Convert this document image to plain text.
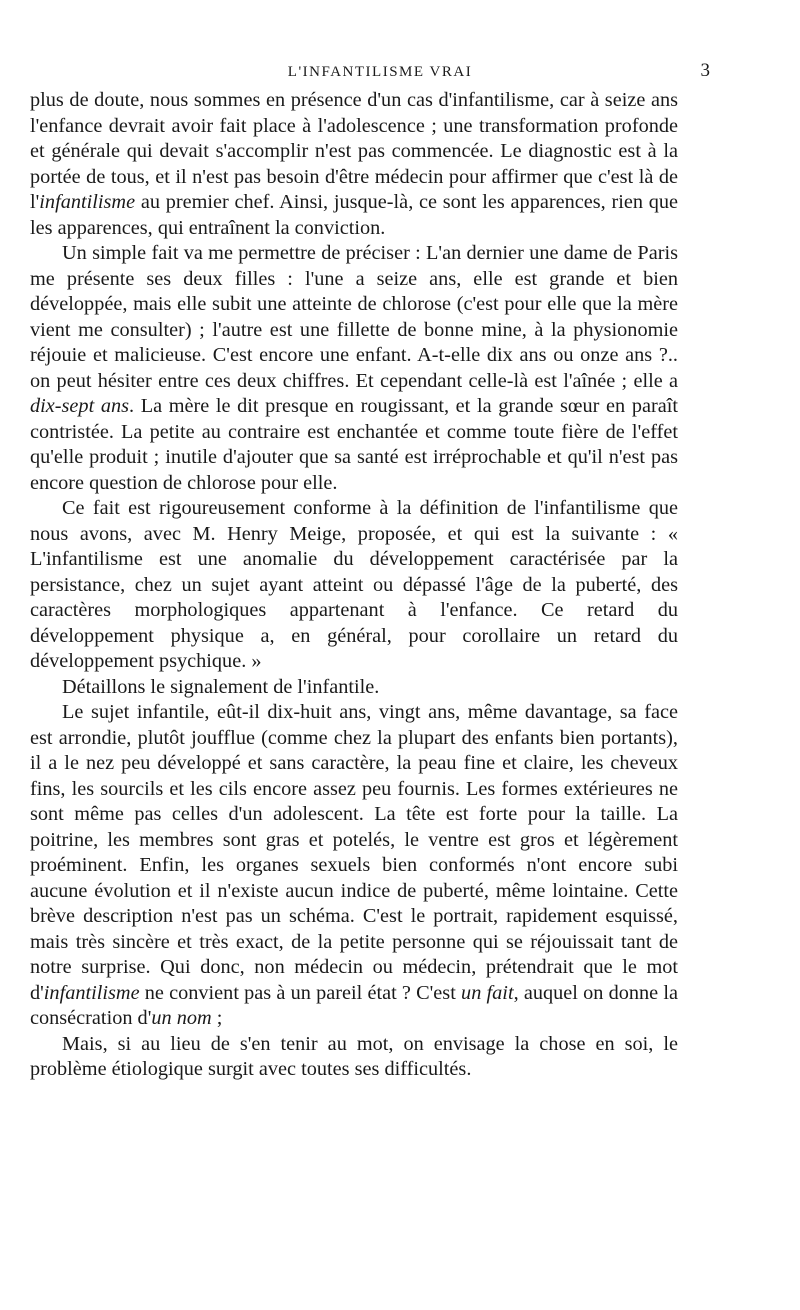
L'INFANTILISME VRAI	3

plus de doute, nous sommes en présence d'un cas d'infantilisme, car à seize ans l'enfance devrait avoir fait place à l'adolescence ; une transformation profonde et générale qui devait s'accomplir n'est pas commencée. Le diagnostic est à la portée de tous, et il n'est pas besoin d'être médecin pour affirmer que c'est là de l'infantilisme au premier chef. Ainsi, jusque-là, ce sont les apparences, rien que les apparences, qui entraînent la conviction.

Un simple fait va me permettre de préciser : L'an dernier une dame de Paris me présente ses deux filles : l'une a seize ans, elle est grande et bien développée, mais elle subit une atteinte de chlorose (c'est pour elle que la mère vient me consulter) ; l'autre est une fillette de bonne mine, à la physionomie réjouie et malicieuse. C'est encore une enfant. A-t-elle dix ans ou onze ans ?.. on peut hésiter entre ces deux chiffres. Et cependant celle-là est l'aînée ; elle a dix-sept ans. La mère le dit presque en rougissant, et la grande sœur en paraît contristée. La petite au contraire est enchantée et comme toute fière de l'effet qu'elle produit ; inutile d'ajouter que sa santé est irréprochable et qu'il n'est pas encore question de chlorose pour elle.

Ce fait est rigoureusement conforme à la définition de l'infantilisme que nous avons, avec M. Henry Meige, proposée, et qui est la suivante : « L'infantilisme est une anomalie du développement caractérisée par la persistance, chez un sujet ayant atteint ou dépassé l'âge de la puberté, des caractères morphologiques appartenant à l'enfance. Ce retard du développement physique a, en général, pour corollaire un retard du développement psychique. »

Détaillons le signalement de l'infantile.

Le sujet infantile, eût-il dix-huit ans, vingt ans, même davantage, sa face est arrondie, plutôt joufflue (comme chez la plupart des enfants bien portants), il a le nez peu développé et sans caractère, la peau fine et claire, les cheveux fins, les sourcils et les cils encore assez peu fournis. Les formes extérieures ne sont même pas celles d'un adolescent. La tête est forte pour la taille. La poitrine, les membres sont gras et potelés, le ventre est gros et légèrement proéminent. Enfin, les organes sexuels bien conformés n'ont encore subi aucune évolution et il n'existe aucun indice de puberté, même lointaine. Cette brève description n'est pas un schéma. C'est le portrait, rapidement esquissé, mais très sincère et très exact, de la petite personne qui se réjouissait tant de notre surprise. Qui donc, non médecin ou médecin, prétendrait que le mot d'infantilisme ne convient pas à un pareil état ? C'est un fait, auquel on donne la consécration d'un nom ;

Mais, si au lieu de s'en tenir au mot, on envisage la chose en soi, le problème étiologique surgit avec toutes ses difficultés.
